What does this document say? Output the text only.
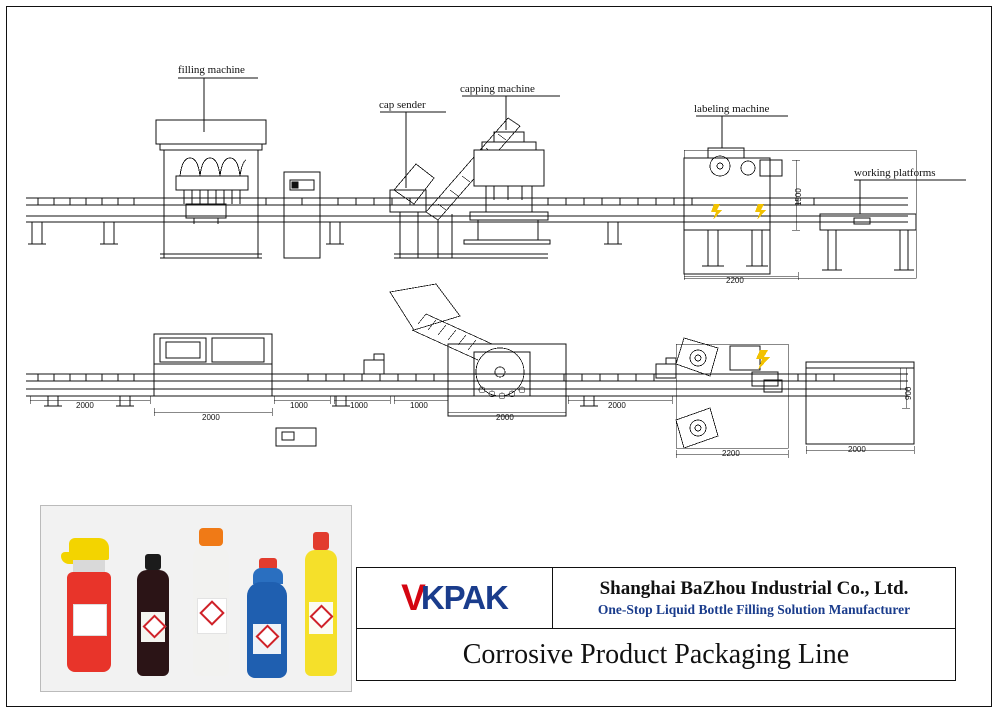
filling machine
cap sender
capping machine
labeling machine
working platforms
1500
2200
2000
2000
1000	1000	1000
2000
2000
2200	2000
900
V
KPAK	Shanghai BaZhou Industrial Co., Ltd.
One-Stop Liquid Bottle Filling Solution Manufacturer
Corrosive Product Packaging Line
